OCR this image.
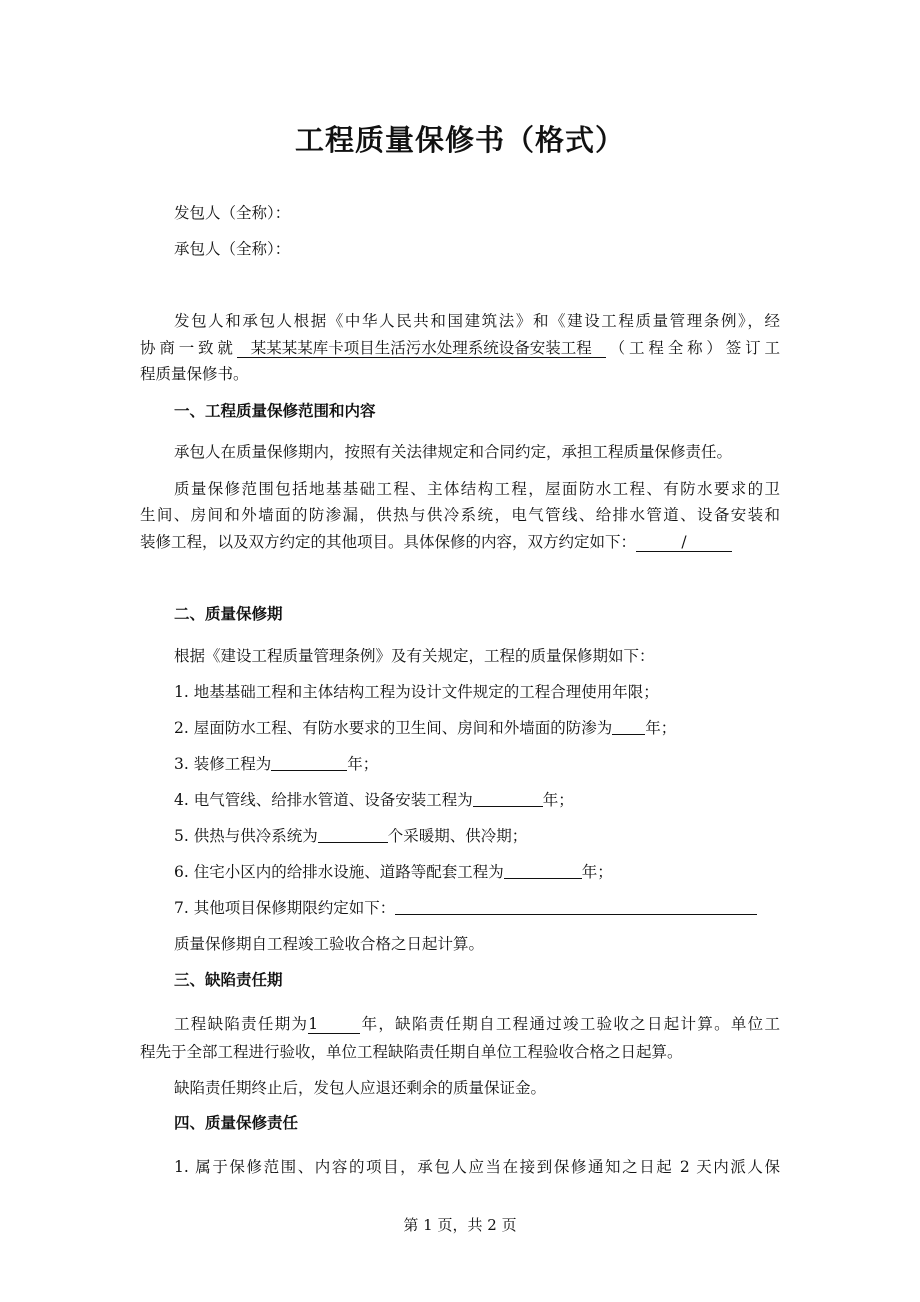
工程质量保修书（格式）
发包人（全称）：
承包人（全称）：
发包人和承包人根据《中华人民共和国建筑法》和《建设工程质量管理条例》，经
协商一致就 某某某某库卡项目生活污水处理系统设备安装工程 （工程全称）签订工
程质量保修书。
一、工程质量保修范围和内容
承包人在质量保修期内，按照有关法律规定和合同约定，承担工程质量保修责任。
质量保修范围包括地基基础工程、主体结构工程，屋面防水工程、有防水要求的卫
生间、房间和外墙面的防渗漏，供热与供冷系统，电气管线、给排水管道、设备安装和
装修工程，以及双方约定的其他项目。具体保修的内容，双方约定如下：	/
二、质量保修期
根据《建设工程质量管理条例》及有关规定，工程的质量保修期如下：
1. 地基基础工程和主体结构工程为设计文件规定的工程合理使用年限；
2. 屋面防水工程、有防水要求的卫生间、房间和外墙面的防渗为 年；
3. 装修工程为	年；
4. 电气管线、给排水管道、设备安装工程为	年；
5. 供热与供冷系统为	个采暖期、供冷期；
6. 住宅小区内的给排水设施、道路等配套工程为	年；
7. 其他项目保修期限约定如下：
质量保修期自工程竣工验收合格之日起计算。
三、缺陷责任期
工程缺陷责任期为1	年，缺陷责任期自工程通过竣工验收之日起计算。单位工
程先于全部工程进行验收，单位工程缺陷责任期自单位工程验收合格之日起算。
缺陷责任期终止后，发包人应退还剩余的质量保证金。
四、质量保修责任
1. 属于保修范围、内容的项目，承包人应当在接到保修通知之日起 2 天内派人保
第 1 页，共 2 页
